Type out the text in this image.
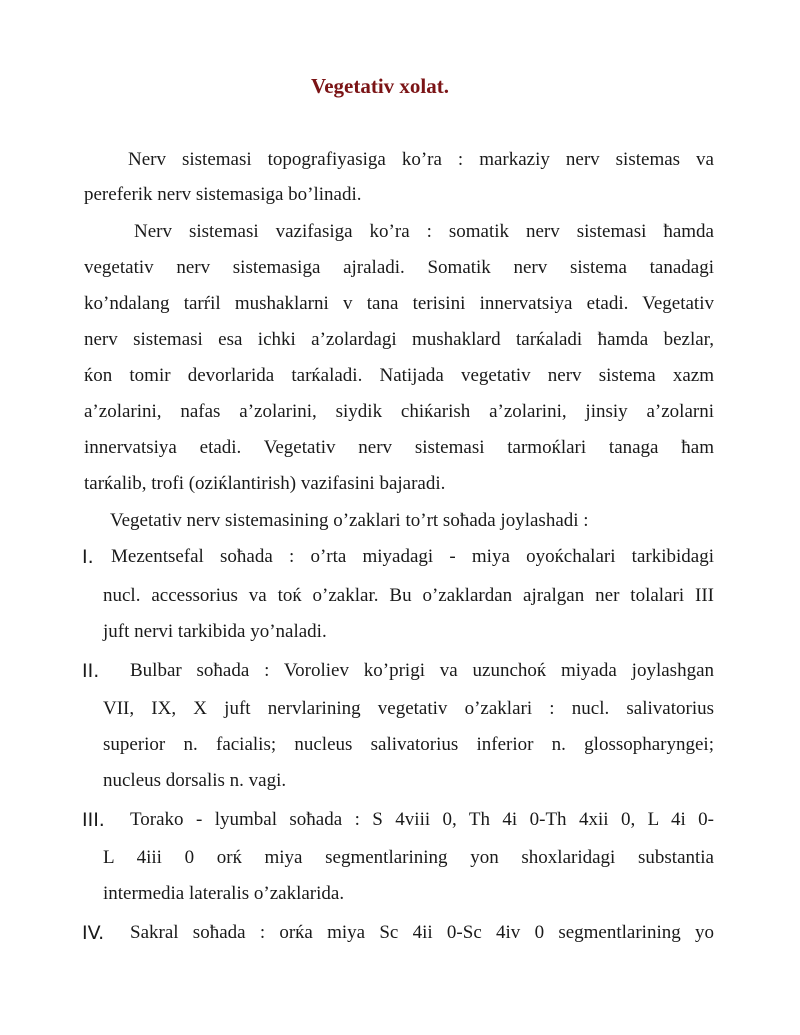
Vegetativ xolat.
Nerv sistemasi topografiyasiga ko’ra : markaziy nerv sistemas va
pereferik nerv sistemasiga bo’linadi.
Nerv sistemasi vazifasiga ko’ra : somatik nerv sistemasi ħamda
vegetativ nerv sistemasiga ajraladi. Somatik nerv sistema tanadagi
ko’ndalang tarŕil mushaklarni v tana terisini innervatsiya etadi. Vegetativ
nerv sistemasi esa ichki a’zolardagi mushaklard tarќaladi ħamda bezlar,
ќon tomir devorlarida tarќaladi. Natijada vegetativ nerv sistema xazm
a’zolarini, nafas a’zolarini, siydik chiќarish a’zolarini, jinsiy a’zolarni
innervatsiya etadi. Vegetativ nerv sistemasi tarmoќlari tanaga ħam
tarќalib, trofi (oziќlantirish) vazifasini bajaradi.
Vegetativ nerv sistemasining o’zaklari to’rt soħada joylashadi :
I. Mezentsefal soħada : o’rta miyadagi - miya oyoќchalari tarkibidagi
nucl. accessorius va toќ o’zaklar. Bu o’zaklardan ajralgan ner tolalari III
juft nervi tarkibida yo’naladi.
II. Bulbar soħada : Voroliev ko’prigi va uzunchoќ miyada joylashgan
VII, IX, X juft nervlarining vegetativ o’zaklari : nucl. salivatorius
superior n. facialis; nucleus salivatorius inferior n. glossopharyngei;
nucleus dorsalis n. vagi.
III. Torako - lyumbal soħada : S 4viii 0, Th 4i 0-Th 4xii 0, L 4i 0-
L 4iii 0 orќ miya segmentlarining yon shoxlaridagi substantia
intermedia lateralis o’zaklarida.
IV. Sakral soħada : orќa miya Sc 4ii 0-Sc 4iv 0 segmentlarining yo
